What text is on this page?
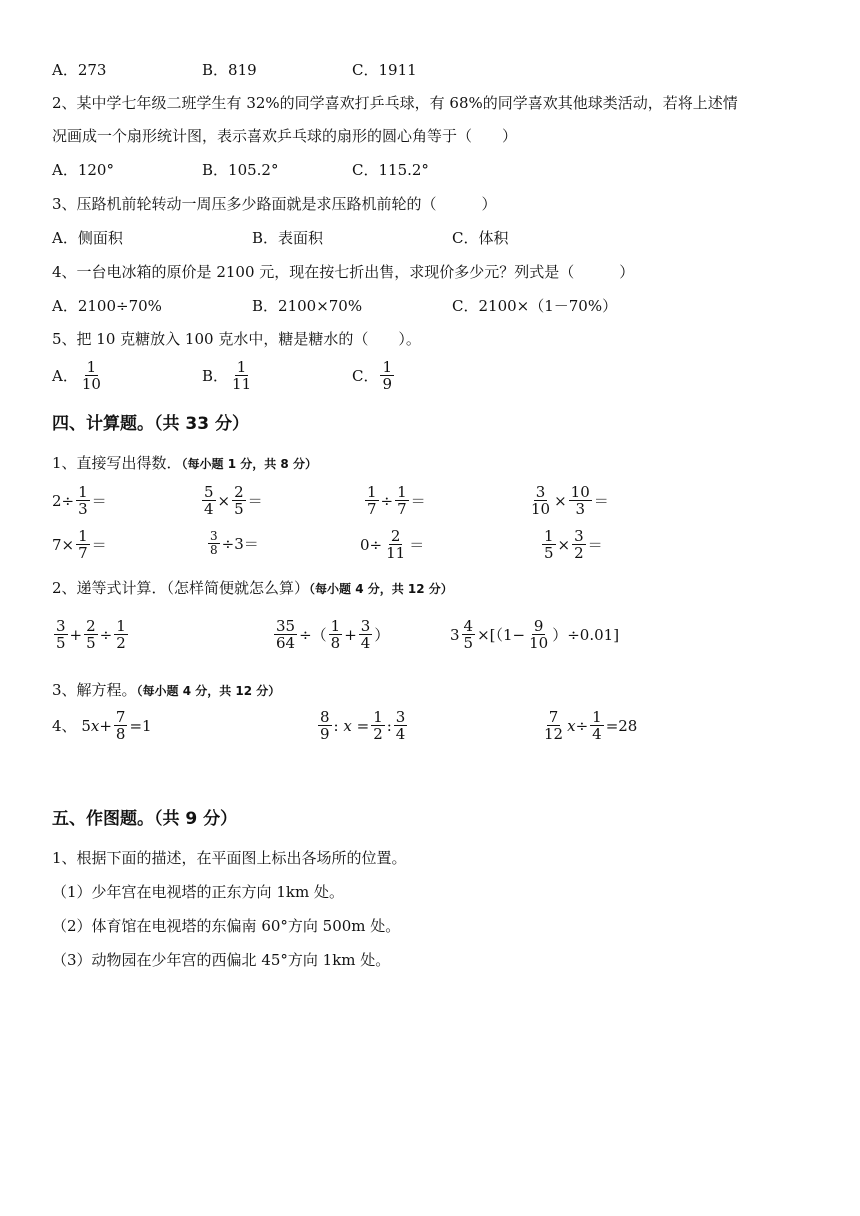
A．273	B．819	C．1911
2、某中学七年级二班学生有 32%的同学喜欢打乒乓球，有 68%的同学喜欢其他球类活动，若将上述情
况画成一个扇形统计图，表示喜欢乒乓球的扇形的圆心角等于（　　）
A．120°	B．105.2°	C．115.2°
3、压路机前轮转动一周压多少路面就是求压路机前轮的（　　　）
A．侧面积	B．表面积	C．体积
4、一台电冰箱的原价是 2100 元，现在按七折出售，求现价多少元？列式是（　　　）
A．2100÷70%	B．2100×70%	C．2100×（1－70%）
5、把 10 克糖放入 100 克水中，糖是糖水的（　　）。
A． $\frac{1}{10}$	B． $\frac{1}{11}$	C． $\frac{1}{9}$
四、计算题。（共 33 分）
1、直接写出得数．（每小题 1 分，共 8 分）
$2\div \frac{1}{3}$ ＝	$\frac{5}{4} \times \frac{2}{5}$ ＝	$\frac{1}{7} \div \frac{1}{7}$ ＝	$\frac{3}{10} \times \frac{10}{3}$ ＝
$7\times \frac{1}{7}$ ＝	$\frac{3}{8} \div 3=$	$0\div \frac{2}{11}$ ＝	$\frac{1}{5} \times \frac{3}{2}$ ＝
2、递等式计算．（怎样简便就怎么算）（每小题 4 分，共 12 分）
$\frac{3}{5} + \frac{2}{5} \div \frac{1}{2}$	$\frac{35}{64}$ ÷（ $\frac{1}{8} + \frac{3}{4}$ ）	$3 \frac{4}{5} \times[(1- \frac{9}{10} )\div 0.01]$
3、解方程。（每小题 4 分，共 12 分）
4、 5 $x + \frac{7}{8} =1$	$\frac{8}{9}$ : $x = \frac{1}{2}$ : $\frac{3}{4}$	$\frac{7}{12}$ $x \div \frac{1}{4} =28$
五、作图题。（共 9 分）
1、根据下面的描述，在平面图上标出各场所的位置。
（1）少年宫在电视塔的正东方向 1km 处。
（2）体育馆在电视塔的东偏南 60°方向 500m 处。
（3）动物园在少年宫的西偏北 45°方向 1km 处。
